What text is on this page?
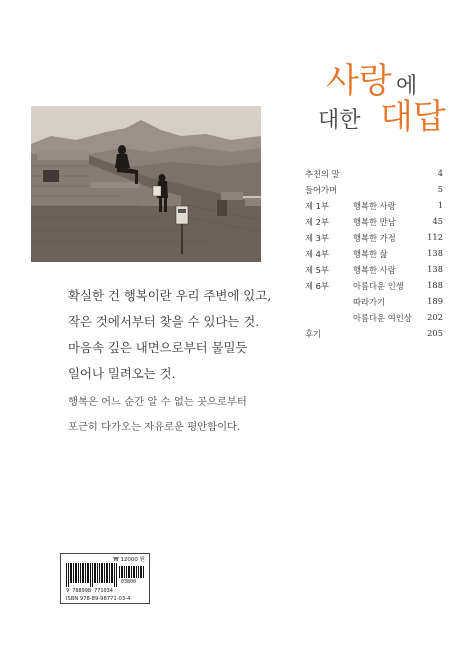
사랑 에
대한 대답
추천의 말	4
들어가며	5
제 1부	행복한 사랑	1
제 2부	행복한 만남	45
제 3부	행복한 가정	112
제 4부	행복한 삶	138
제 5부	행복한 사람	138
제 6부	아름다운 인생	188
따라가기	189
아름다운 여인상 202
후기	205
확실한 건 행복이란 우리 주변에 있고,
작은 것에서부터 찾을 수 있다는 것.
마음속 깊은 내면으로부터 물밀듯
일어나 밀려오는 것.
행복은 어느 순간 알 수 없는 곳으로부터
포근히 다가오는 자유로운 평안함이다.
₩ 12000 원
03800
9 788998 771034
ISBN 978-89-98771-03-4
